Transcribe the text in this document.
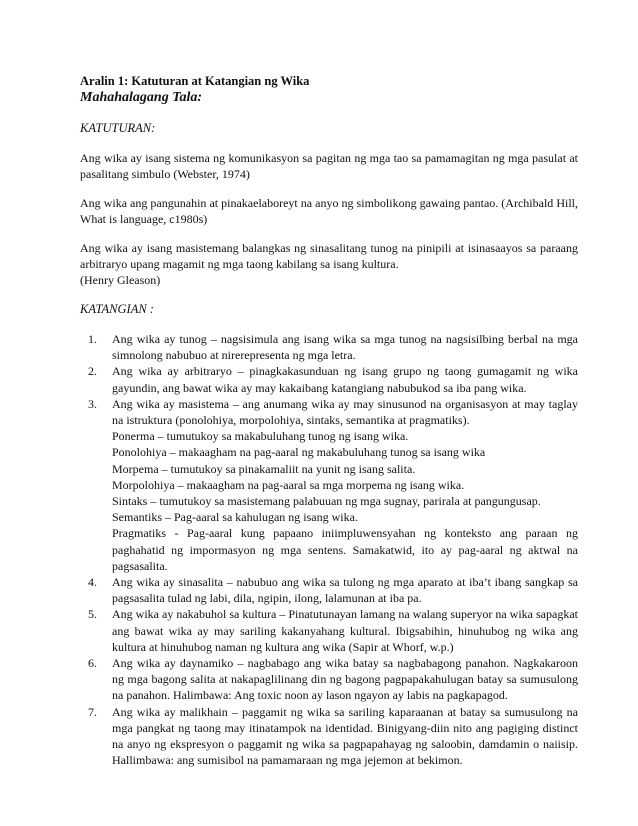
Aralin 1: Katuturan at Katangian ng Wika
Mahahalagang Tala:
KATUTURAN:

Ang wika ay isang sistema ng komunikasyon sa pagitan ng mga tao sa pamamagitan ng mga pasulat at pasalitang simbulo (Webster, 1974)

Ang wika ang pangunahin at pinakaelaboreyt na anyo ng simbolikong gawaing pantao. (Archibald Hill, What is language, c1980s)

Ang wika ay isang masistemang balangkas ng sinasalitang tunog na pinipili at isinasaayos sa paraang arbitraryo upang magamit ng mga taong kabilang sa isang kultura.
(Henry Gleason)

KATANGIAN :
1. Ang wika ay tunog – nagsisimula ang isang wika sa mga tunog na nagsisilbing berbal na mga simnolong nabubuo at nirerepresenta ng mga letra.
2. Ang wika ay arbitraryo – pinagkakasunduan ng isang grupo ng taong gumagamit ng wika gayundin, ang bawat wika ay may kakaibang katangiang nabubukod sa iba pang wika.
3. Ang wika ay masistema – ang anumang wika ay may sinusunod na organisasyon at may taglay na istruktura (ponolohiya, morpolohiya, sintaks, semantika at pragmatiks).
Ponerma – tumutukoy sa makabuluhang tunog ng isang wika.
Ponolohiya – makaagham na pag-aaral ng makabuluhang tunog sa isang wika
Morpema – tumutukoy sa pinakamaliit na yunit ng isang salita.
Morpolohiya – makaagham na pag-aaral sa mga morpema ng isang wika.
Sintaks – tumutukoy sa masistemang palabuuan ng mga sugnay, parirala at pangungusap.
Semantiks – Pag-aaral sa kahulugan ng isang wika.
Pragmatiks - Pag-aaral kung papaano iniimpluwensyahan ng konteksto ang paraan ng paghahatid ng impormasyon ng mga sentens. Samakatwid, ito ay pag-aaral ng aktwal na pagsasalita.
4. Ang wika ay sinasalita – nabubuo ang wika sa tulong ng mga aparato at iba’t ibang sangkap sa pagsasalita tulad ng labi, dila, ngipin, ilong, lalamunan at iba pa.
5. Ang wika ay nakabuhol sa kultura – Pinatutunayan lamang na walang superyor na wika sapagkat ang bawat wika ay may sariling kakanyahang kultural. Ibigsabihin, hinuhubog ng wika ang kultura at hinuhubog naman ng kultura ang wika (Sapir at Whorf, w.p.)
6. Ang wika ay daynamiko – nagbabago ang wika batay sa nagbabagong panahon. Nagkakaroon ng mga bagong salita at nakapaglilinang din ng bagong pagpapakahulugan batay sa sumusulong na panahon. Halimbawa: Ang toxic noon ay lason ngayon ay labis na pagkapagod.
7. Ang wika ay malikhain – paggamit ng wika sa sariling kaparaanan at batay sa sumusulong na mga pangkat ng taong may itinatampok na identidad. Binigyang-diin nito ang pagiging distinct na anyo ng ekspresyon o paggamit ng wika sa pagpapahayag ng saloobin, damdamin o naiisip. Hallimbawa: ang sumisibol na pamamaraan ng mga jejemon at bekimon.
